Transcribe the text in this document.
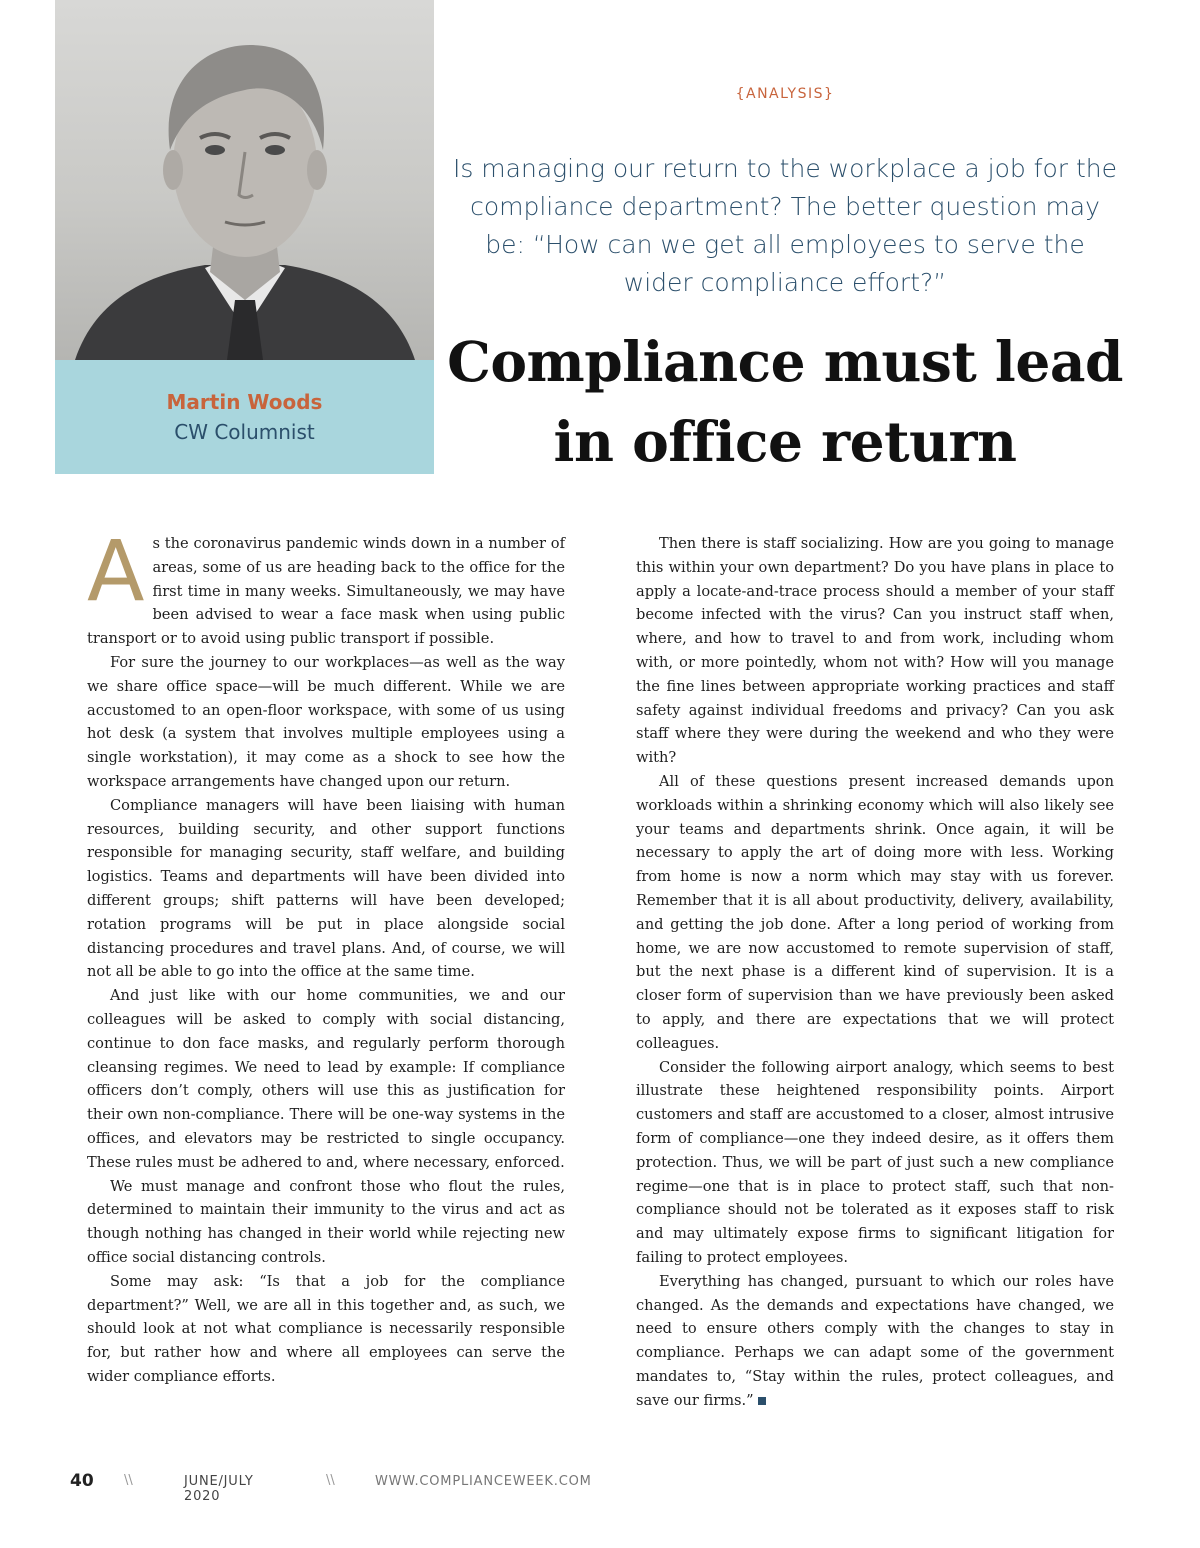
Martin Woods
CW Columnist
{ANALYSIS}
Is managing our return to the workplace a job for the compliance department? The better question may be: “How can we get all employees to serve the wider compliance effort?”
Compliance must lead in office return

As the coronavirus pandemic winds down in a number of areas, some of us are heading back to the office for the first time in many weeks. Simultaneously, we may have been advised to wear a face mask when using public transport or to avoid using public transport if possible.

For sure the journey to our workplaces—as well as the way we share office space—will be much different. While we are accustomed to an open-floor workspace, with some of us using hot desk (a system that involves multiple employees using a single workstation), it may come as a shock to see how the workspace arrangements have changed upon our return.

Compliance managers will have been liaising with human resources, building security, and other support functions responsible for managing security, staff welfare, and building logistics. Teams and departments will have been divided into different groups; shift patterns will have been developed; rotation programs will be put in place alongside social distancing procedures and travel plans. And, of course, we will not all be able to go into the office at the same time.

And just like with our home communities, we and our colleagues will be asked to comply with social distancing, continue to don face masks, and regularly perform thorough cleansing regimes. We need to lead by example: If compliance officers don’t comply, others will use this as justification for their own non-compliance. There will be one-way systems in the offices, and elevators may be restricted to single occupancy. These rules must be adhered to and, where necessary, enforced.

We must manage and confront those who flout the rules, determined to maintain their immunity to the virus and act as though nothing has changed in their world while rejecting new office social distancing controls.

Some may ask: “Is that a job for the compliance department?” Well, we are all in this together and, as such, we should look at not what compliance is necessarily responsible for, but rather how and where all employees can serve the wider compliance efforts.

Then there is staff socializing. How are you going to manage this within your own department? Do you have plans in place to apply a locate-and-trace process should a member of your staff become infected with the virus? Can you instruct staff when, where, and how to travel to and from work, including whom with, or more pointedly, whom not with? How will you manage the fine lines between appropriate working practices and staff safety against individual freedoms and privacy? Can you ask staff where they were during the weekend and who they were with?

All of these questions present increased demands upon workloads within a shrinking economy which will also likely see your teams and departments shrink. Once again, it will be necessary to apply the art of doing more with less. Working from home is now a norm which may stay with us forever. Remember that it is all about productivity, delivery, availability, and getting the job done. After a long period of working from home, we are now accustomed to remote supervision of staff, but the next phase is a different kind of supervision. It is a closer form of supervision than we have previously been asked to apply, and there are expectations that we will protect colleagues.

Consider the following airport analogy, which seems to best illustrate these heightened responsibility points. Airport customers and staff are accustomed to a closer, almost intrusive form of compliance—one they indeed desire, as it offers them protection. Thus, we will be part of just such a new compliance regime—one that is in place to protect staff, such that non-compliance should not be tolerated as it exposes staff to risk and may ultimately expose firms to significant litigation for failing to protect employees.

Everything has changed, pursuant to which our roles have changed. As the demands and expectations have changed, we need to ensure others comply with the changes to stay in compliance. Perhaps we can adapt some of the government mandates to, “Stay within the rules, protect colleagues, and save our firms.”

40 \\	JUNE/JULY 2020
\\	WWW.COMPLIANCEWEEK.COM
